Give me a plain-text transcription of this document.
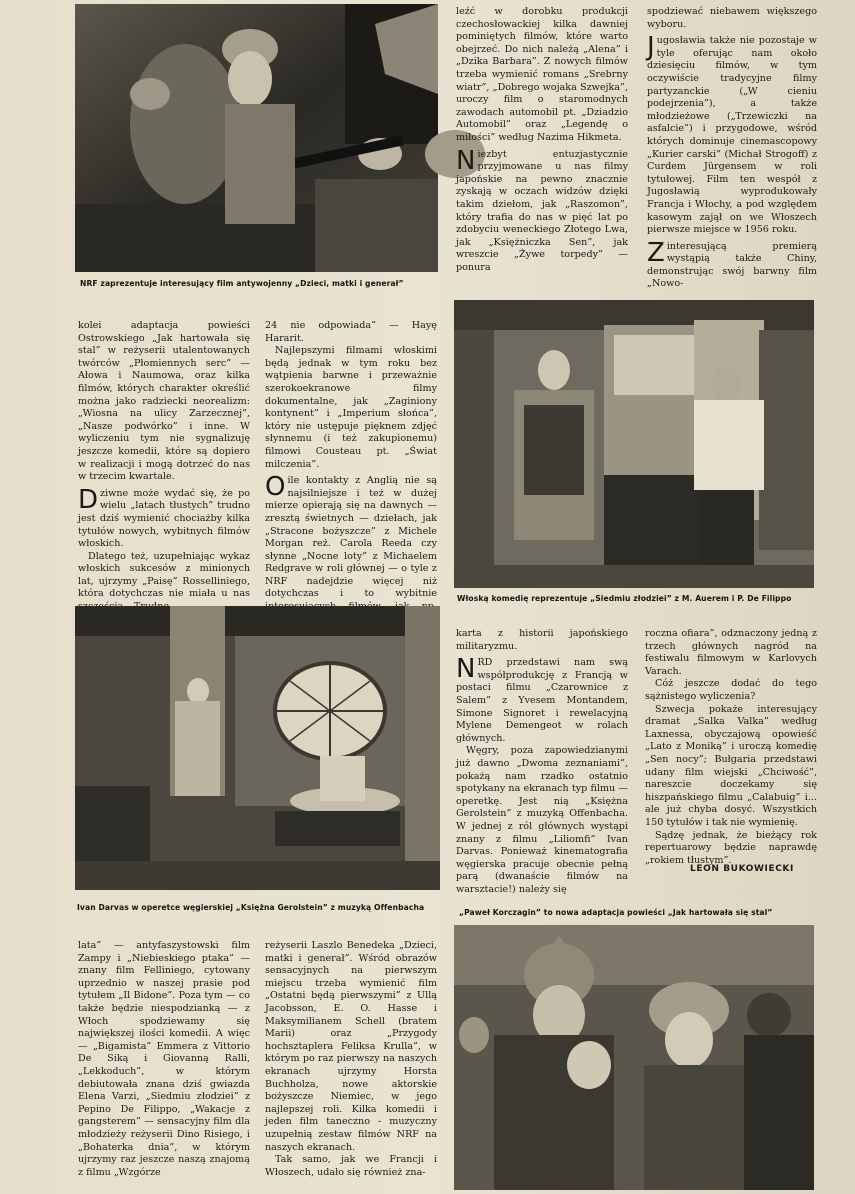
NRF zaprezentuje interesujący film antywojenny „Dzieci, matki i generał”

leźć w dorobku produkcji czechosłowackiej kilka dawniej pominiętych filmów, które warto obejrzeć. Do nich należą „Alena” i „Dzika Barbara”. Z nowych filmów trzeba wymienić romans „Srebrny wiatr”, „Dobrego wojaka Szwejka”, uroczy film o staromodnych zawodach automobil pt. „Dziadzio Automobil” oraz „Legendę o miłości” według Nazima Hikmeta.

Niezbyt entuzjastycznie przyjmowane u nas filmy japońskie na pewno znacznie zyskają w oczach widzów dzięki takim dziełom, jak „Raszomon”, który trafia do nas w pięć lat po zdobyciu weneckiego Złotego Lwa, jak „Księżniczka Sen”, jak wreszcie „Żywe torpedy” — ponura

spodziewać niebawem większego wyboru.

Jugosławia także nie pozostaje w tyle oferując nam około dziesięciu filmów, w tym oczywiście tradycyjne filmy partyzanckie („W cieniu podejrzenia”), a także młodzieżowe („Trzewiczki na asfalcie”) i przygodowe, wśród których dominuje cinemascopowy „Kurier carski” (Michał Strogoff) z Curdem Jürgensem w roli tytułowej. Film ten wespół z Jugosławią wyprodukowały Francja i Włochy, a pod względem kasowym zajął on we Włoszech pierwsze miejsce w 1956 roku.

Zinteresującą premierą wystąpią także Chiny, demonstrując swój barwny film „Nowo-

kolei adaptacja powieści Ostrowskiego „Jak hartowała się stal” w reżyserii utalentowanych twórców „Płomiennych serc” — Ałowa i Naumowa, oraz kilka filmów, których charakter określić można jako radziecki neorealizm: „Wiosna na ulicy Zarzecznej”, „Nasze podwórko” i inne. W wyliczeniu tym nie sygnalizuję jeszcze komedii, które są dopiero w realizacji i mogą dotrzeć do nas w trzecim kwartale.

Dziwne może wydać się, że po wielu „latach tłustych” trudno jest dziś wymienić chociażby kilka tytułów nowych, wybitnych filmów włoskich.

Dlatego też, uzupełniając wykaz włoskich sukcesów z minionych lat, ujrzymy „Paisę” Rosselliniego, która dotychczas nie miała u nas

24 nie odpowiada” — Hayę Hararit.

Najlepszymi filmami włoskimi będą jednak w tym roku bez wątpienia barwne i przeważnie szerokoekranowe filmy dokumentalne, jak „Zaginiony kontynent” i „Imperium słońca”, który nie ustępuje pięknem zdjęć słynnemu (i też zakupionemu) filmowi Cousteau pt. „Świat milczenia”.

Oile kontakty z Anglią nie są najsilniejsze i też w dużej mierze opierają się na dawnych — zresztą świetnych — dziełach, jak „Stracone bożyszcze” z Michele Morgan reż. Carola Reeda czy słynne „Nocne loty” z Michaelem Redgrave w roli głównej — o tyle z NRF nadejdzie więcej niż dotychczas i to wybitnie	Włoską komedię reprezentuje „Siedmiu złodziei” z M. Auerem i P. De Filippo
Ivan Darvas w operetce węgierskiej „Księżna Gerolstein” z muzyką Offenbacha

karta z historii japońskiego militaryzmu.

NRD przedstawi nam swą współprodukcję z Francją w postaci filmu „Czarownice z Salem” z Yvesem Montandem, Simone Signoret i rewelacyjną Mylene Demengeot w rolach głównych.

Węgry, poza zapowiedzianymi już dawno „Dwoma zeznaniami”, pokażą nam rzadko ostatnio spotykany na ekranach typ filmu — operetkę. Jest nią „Księżna Gerolstein” z muzyką Offenbacha. W jednej z ról głównych wystąpi znany z filmu „Liliomfi” Ivan Darvas. Ponieważ kinematografia węgierska pracuje obecnie pełną parą (dwanaście filmów na warsztacie!) należy się

roczna ofiara”, odznaczony jedną z trzech głównych nagród na festiwalu filmowym w Karlovych Varach.

Cóż jeszcze dodać do tego sążnistego wyliczenia?

Szwecja pokaże interesujący dramat „Salka Valka” według Laxnessa, obyczajową opowieść „Lato z Moniką” i uroczą komedię „Sen nocy”; Bułgaria przedstawi udany film wiejski „Chciwość”, nareszcie doczekamy się hiszpańskiego filmu „Calabuig” i... ale już chyba dosyć. Wszystkich 150 tytułów i tak nie wymienię.

Sądzę jednak, że bieżący rok repertuarowy będzie naprawdę „rokiem tłustym”.

LEON BUKOWIECKI
„Paweł Korczagin” to nowa adaptacja powieści „Jak hartowała się stal”

lata” — antyfaszystowski film Zampy i „Niebieskiego ptaka” — znany film Felliniego, cytowany uprzednio w naszej prasie pod tytułem „Il Bidone”. Poza tym — co także będzie niespodzianką — z Włoch spodziewamy się największej ilości komedii. A więc — „Bigamista” Emmera z Vittorio De Siką i Giovanną Ralli, „Lekkoduch”, w którym debiutowała znana dziś gwiazda Elena Varzi, „Siedmiu złodziei” z Pepino De Filippo, „Wakacje z gangsterem” — sensacyjny film dla młodzieży reżyserii Dino Risiego, i „Bohaterka dnia”, w którym ujrzymy raz jeszcze naszą znajomą z filmu „Wzgórze

reżyserii Laszlo Benedeka „Dzieci, matki i generał”. Wśród obrazów sensacyjnych na pierwszym miejscu trzeba wymienić film „Ostatni będą pierwszymi” z Ullą Jacobsson, E. O. Hasse i Maksymilianem Schell (bratem Marii) oraz „Przygody hochsztaplera Feliksa Krulla”, w którym po raz pierwszy na naszych ekranach ujrzymy Horsta Buchholza, nowe aktorskie bożyszcze Niemiec, w jego najlepszej roli. Kilka komedii i jeden film taneczno - muzyczny uzupełnią zestaw filmów NRF na naszych ekranach.

Tak samo, jak we Francji i Włoszech, udało się również zna-
